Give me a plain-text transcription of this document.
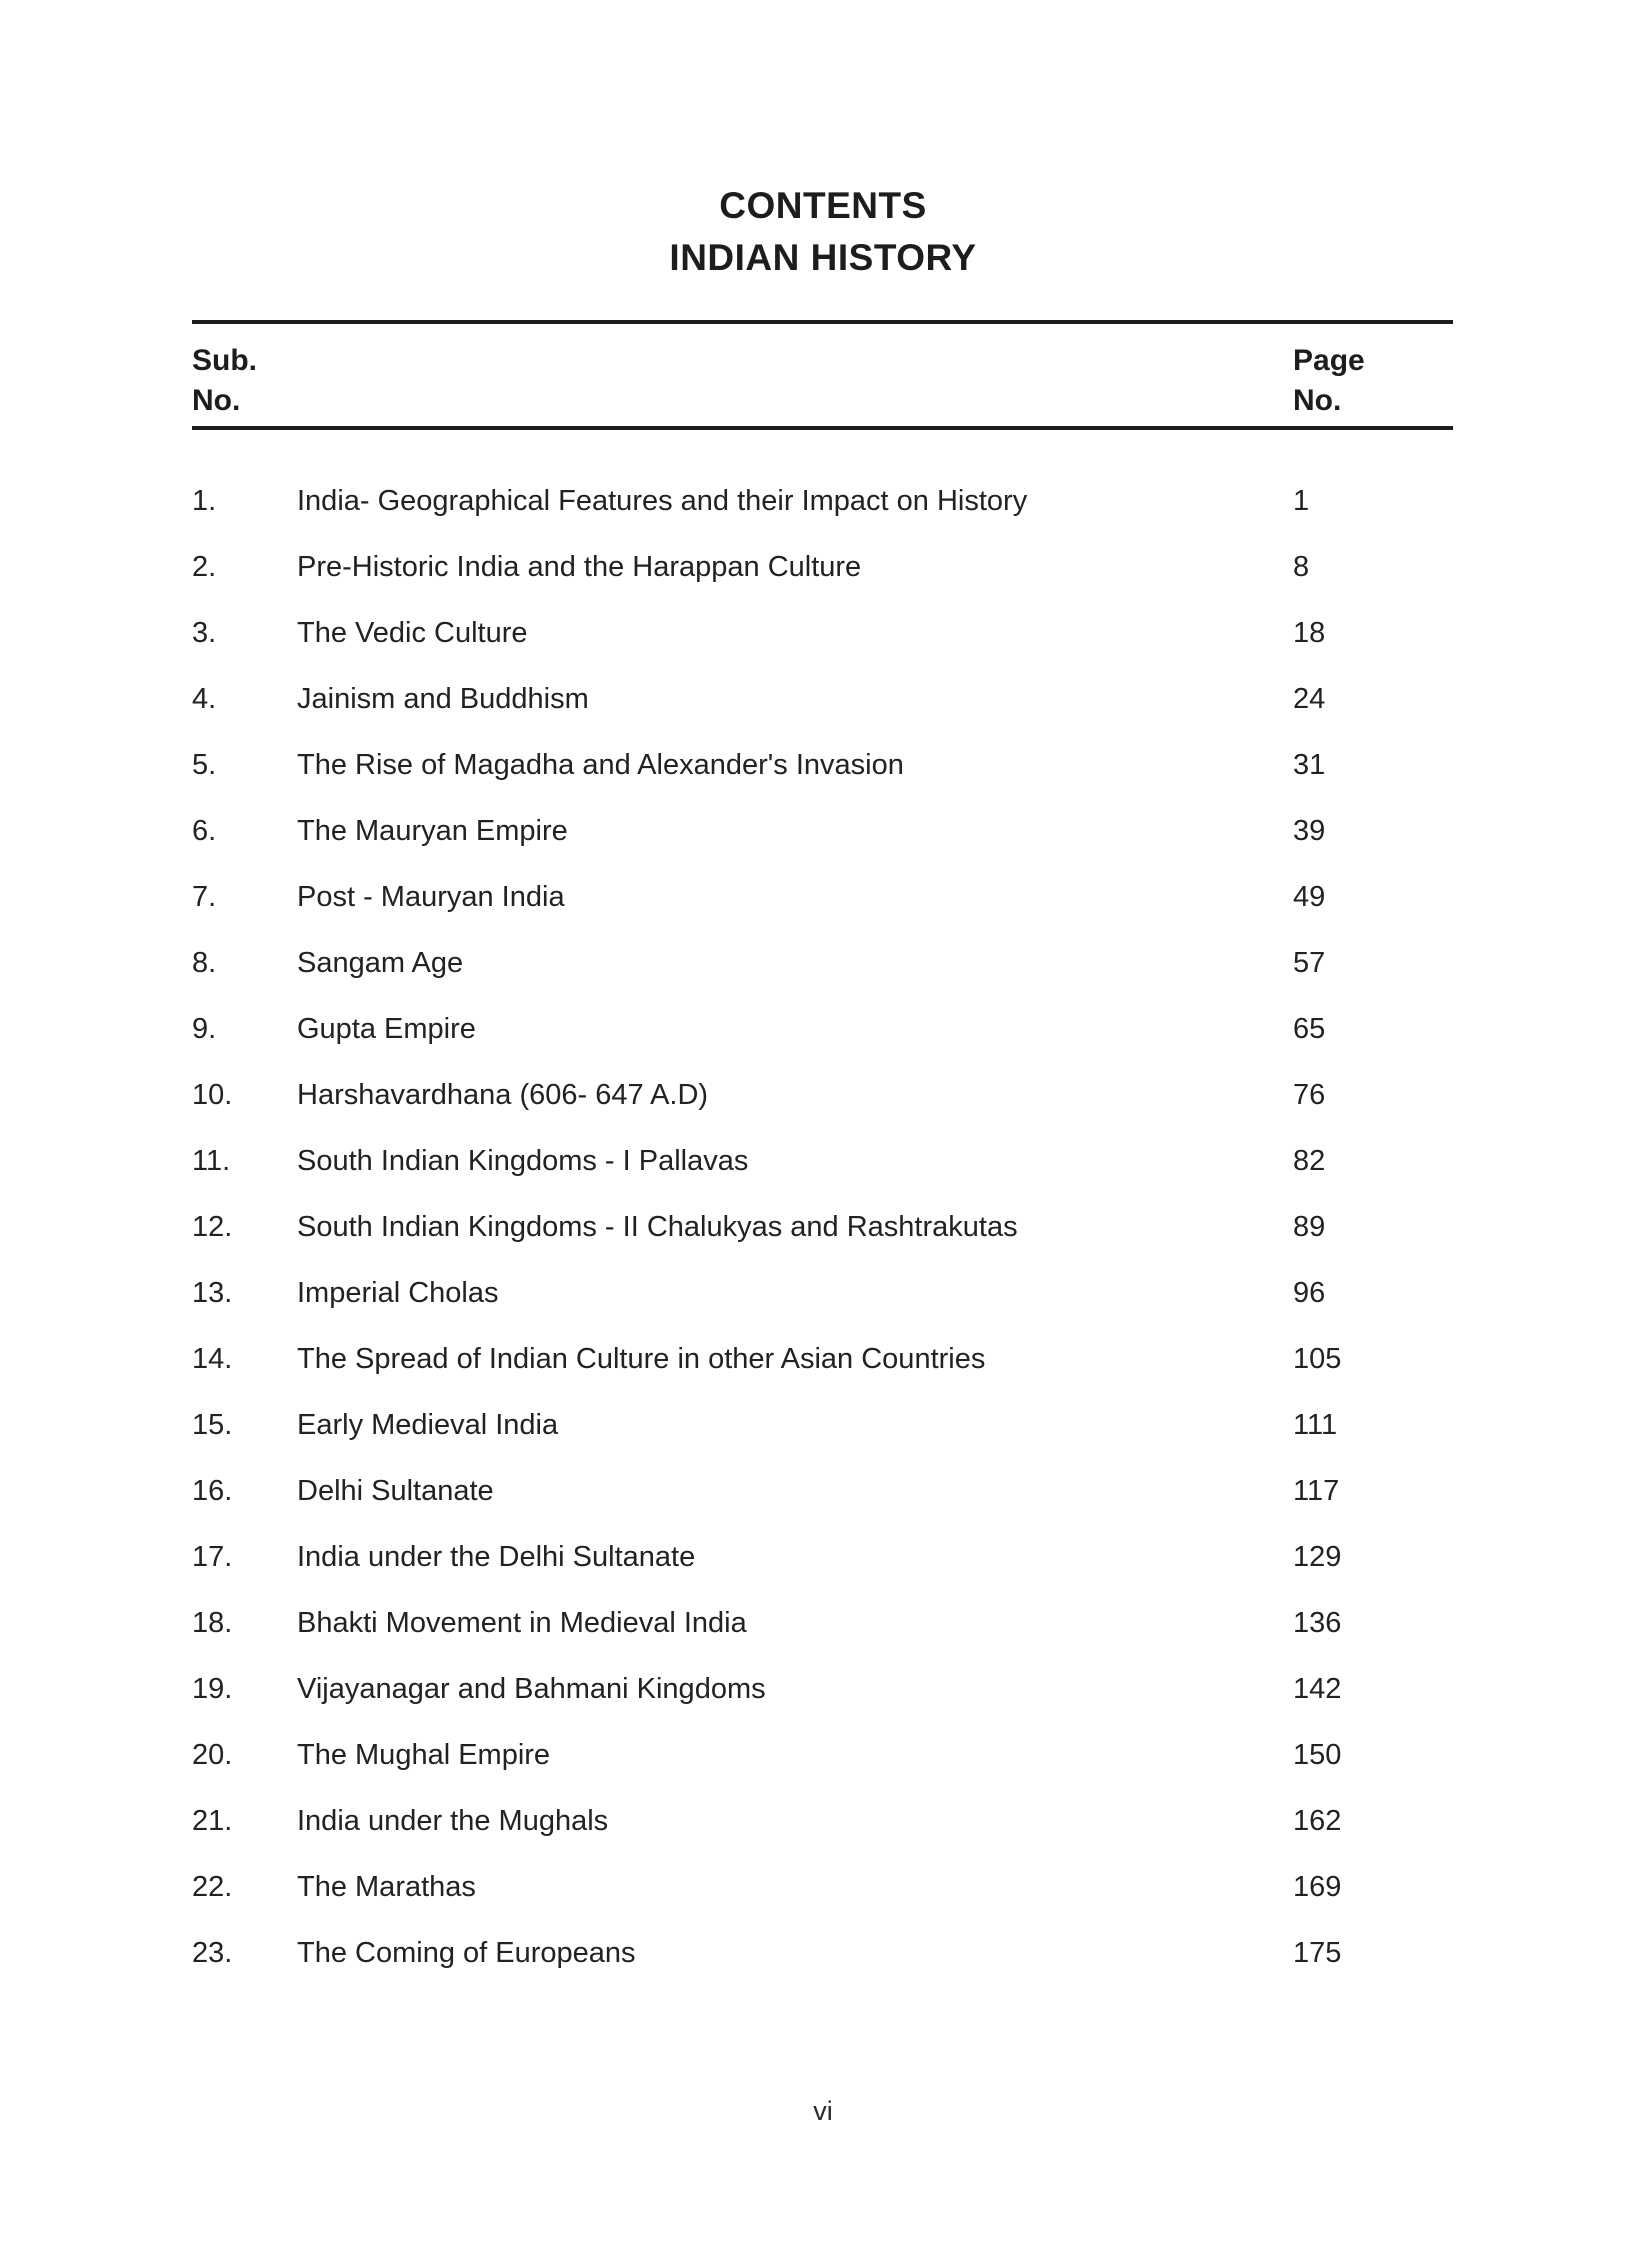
CONTENTS
INDIAN HISTORY
Sub.
No.
Page
No.
1.	India- Geographical Features and their Impact on History	1
2.	Pre-Historic India and the Harappan Culture	8
3.	The Vedic Culture	18
4.	Jainism and Buddhism	24
5.	The Rise of Magadha and Alexander's Invasion	31
6.	The Mauryan Empire	39
7.	Post - Mauryan India	49
8.	Sangam Age	57
9.	Gupta Empire	65
10.	Harshavardhana (606- 647 A.D)	76
11.	South Indian Kingdoms - I Pallavas	82
12.	South Indian Kingdoms - II Chalukyas and Rashtrakutas	89
13.	Imperial Cholas	96
14.	The Spread of Indian Culture in other Asian Countries	105
15.	Early Medieval India	111
16.	Delhi Sultanate	117
17.	India under the Delhi Sultanate	129
18.	Bhakti Movement in Medieval India	136
19.	Vijayanagar and Bahmani Kingdoms	142
20.	The Mughal Empire	150
21.	India under the Mughals	162
22.	The Marathas	169
23.	The Coming of Europeans	175
vi
